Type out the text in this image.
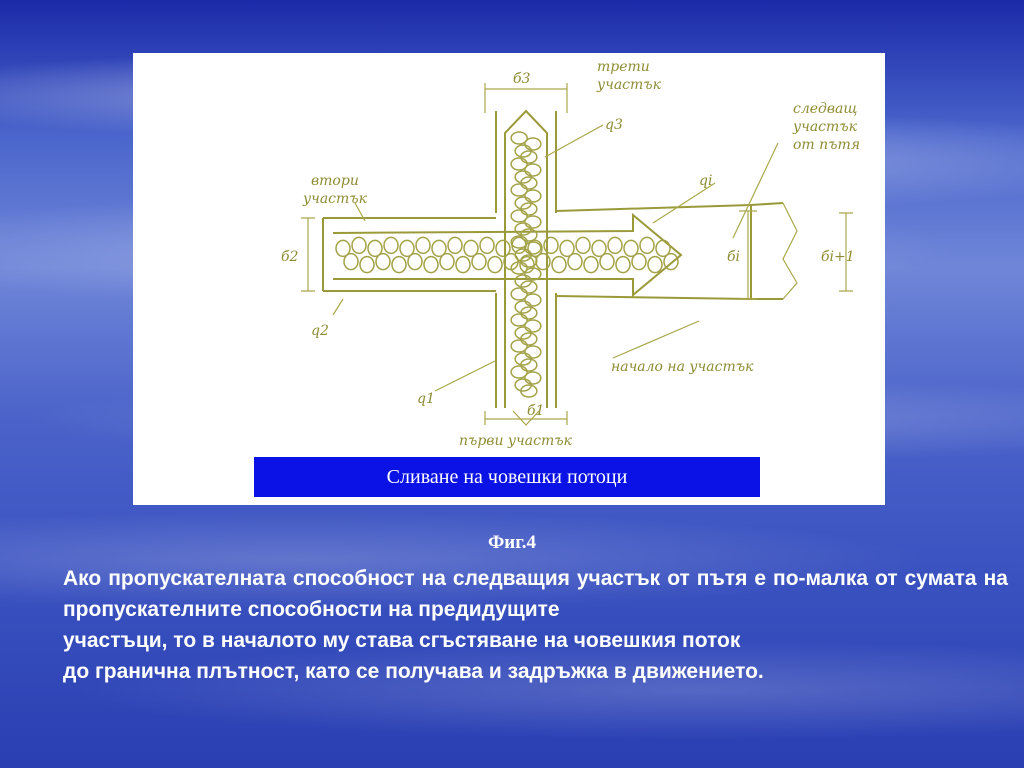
б3
трети
участък
q3
следващ
участък
от пътя
втори
участък
qi
б2	бi	бi+1
q2
начало на участък
q1
б1
първи участък
Сливане на човешки потоци
Фиг.4

Ако пропускателната способност на следващия участък от пътя е по-малка от сумата на пропускателните способности на предидущите

участъци, то в началото му става сгъстяване на човешкия поток

до гранична плътност, като се получава и задръжка в движението.
